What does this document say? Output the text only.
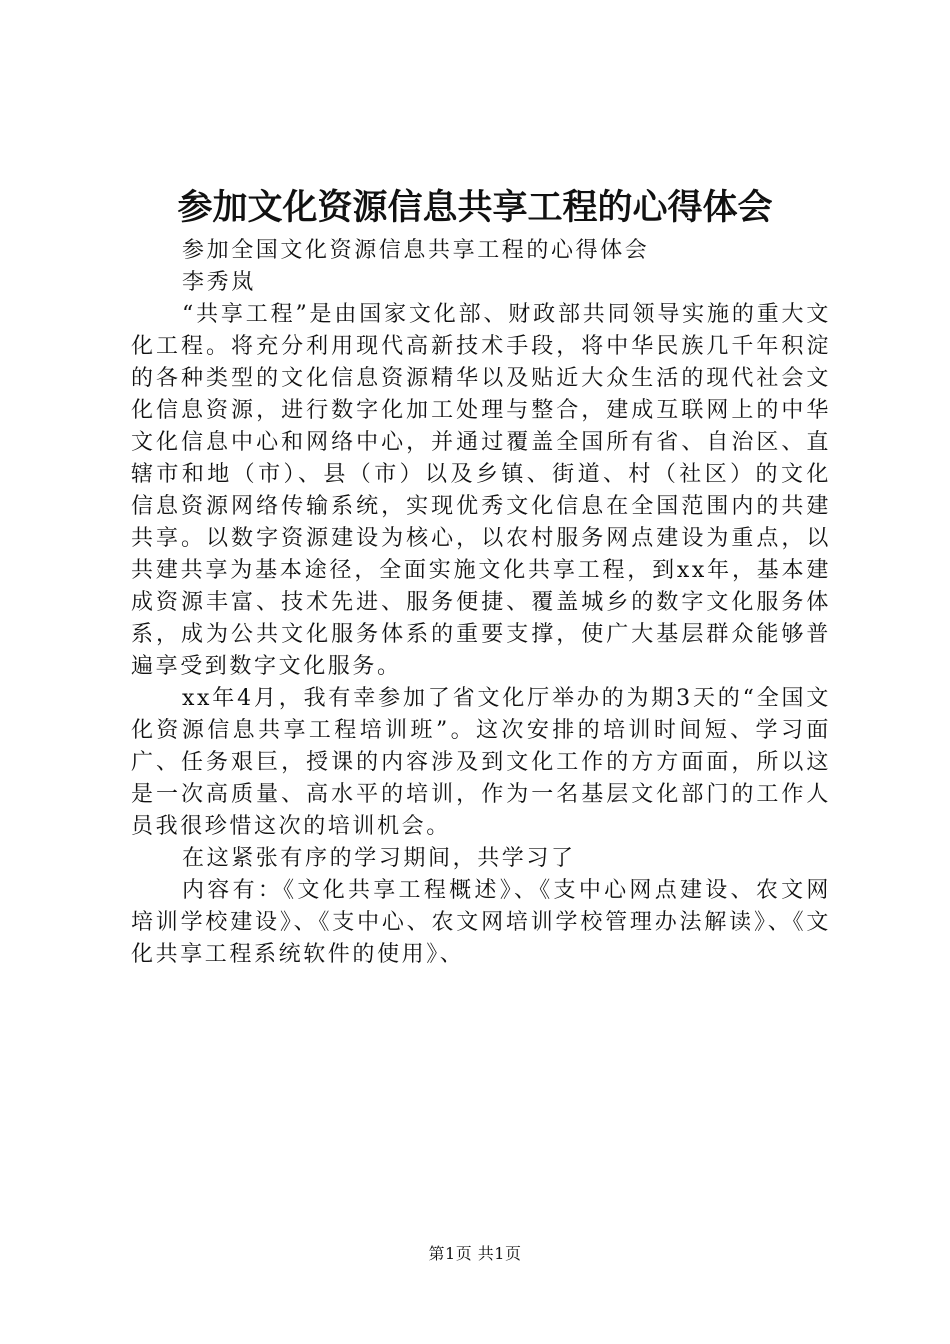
参加文化资源信息共享工程的心得体会

参加全国文化资源信息共享工程的心得体会

李秀岚

“共享工程”是由国家文化部、财政部共同领导实施的重大文化工程。将充分利用现代高新技术手段，将中华民族几千年积淀的各种类型的文化信息资源精华以及贴近大众生活的现代社会文化信息资源，进行数字化加工处理与整合，建成互联网上的中华文化信息中心和网络中心，并通过覆盖全国所有省、自治区、直辖市和地（市）、县（市）以及乡镇、街道、村（社区）的文化信息资源网络传输系统，实现优秀文化信息在全国范围内的共建共享。以数字资源建设为核心，以农村服务网点建设为重点，以共建共享为基本途径，全面实施文化共享工程，到xx年，基本建成资源丰富、技术先进、服务便捷、覆盖城乡的数字文化服务体系，成为公共文化服务体系的重要支撑，使广大基层群众能够普遍享受到数字文化服务。

xx年4月，我有幸参加了省文化厅举办的为期3天的“全国文化资源信息共享工程培训班”。这次安排的培训时间短、学习面广、任务艰巨，授课的内容涉及到文化工作的方方面面，所以这是一次高质量、高水平的培训，作为一名基层文化部门的工作人员我很珍惜这次的培训机会。

在这紧张有序的学习期间，共学习了

内容有：《文化共享工程概述》、《支中心网点建设、农文网培训学校建设》、《支中心、农文网培训学校管理办法解读》、《文化共享工程系统软件的使用》、

第1页 共1页
